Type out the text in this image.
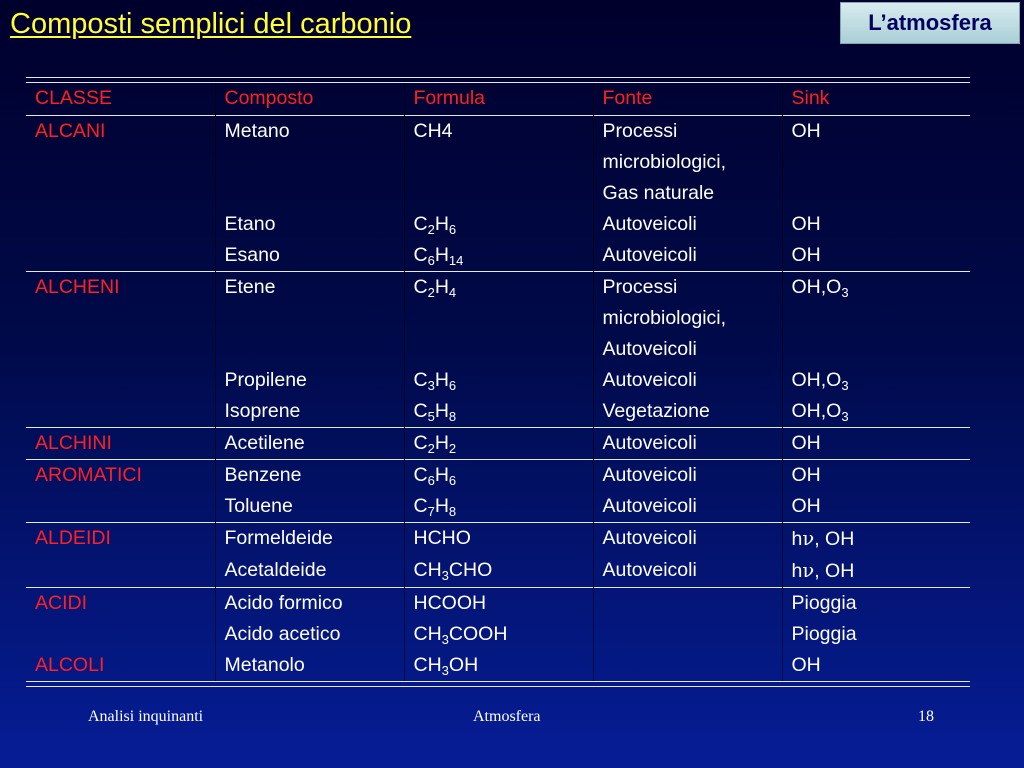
Composti semplici del carbonio	L’atmosfera
CLASSE	Composto	Formula	Fonte	Sink
ALCANI	Metano	CH4	Processi
microbiologici,
Gas naturale	OH
	Etano	$C_2H_6$	Autoveicoli	OH
	Esano	$C_6H_{14}$	Autoveicoli	OH
ALCHENI	Etene	$C_2H_4$	Processi
microbiologici,
Autoveicoli	$OH,O_3$
	Propilene	$C_3H_6$	Autoveicoli	$OH,O_3$
	Isoprene	$C_5H_8$	Vegetazione	$OH,O_3$
ALCHINI	Acetilene	$C_2H_2$	Autoveicoli	OH
AROMATICI	Benzene	$C_6H_6$	Autoveicoli	OH
	Toluene	$C_7H_8$	Autoveicoli	OH
ALDEIDI	Formeldeide	HCHO	Autoveicoli	hν, OH
	Acetaldeide	$CH_3CHO$	Autoveicoli	hν, OH
ACIDI	Acido formico	HCOOH		Pioggia
	Acido acetico	$CH_3COOH$		Pioggia
ALCOLI	Metanolo	$CH_3OH$		OH
Analisi inquinanti	Atmosfera	18
